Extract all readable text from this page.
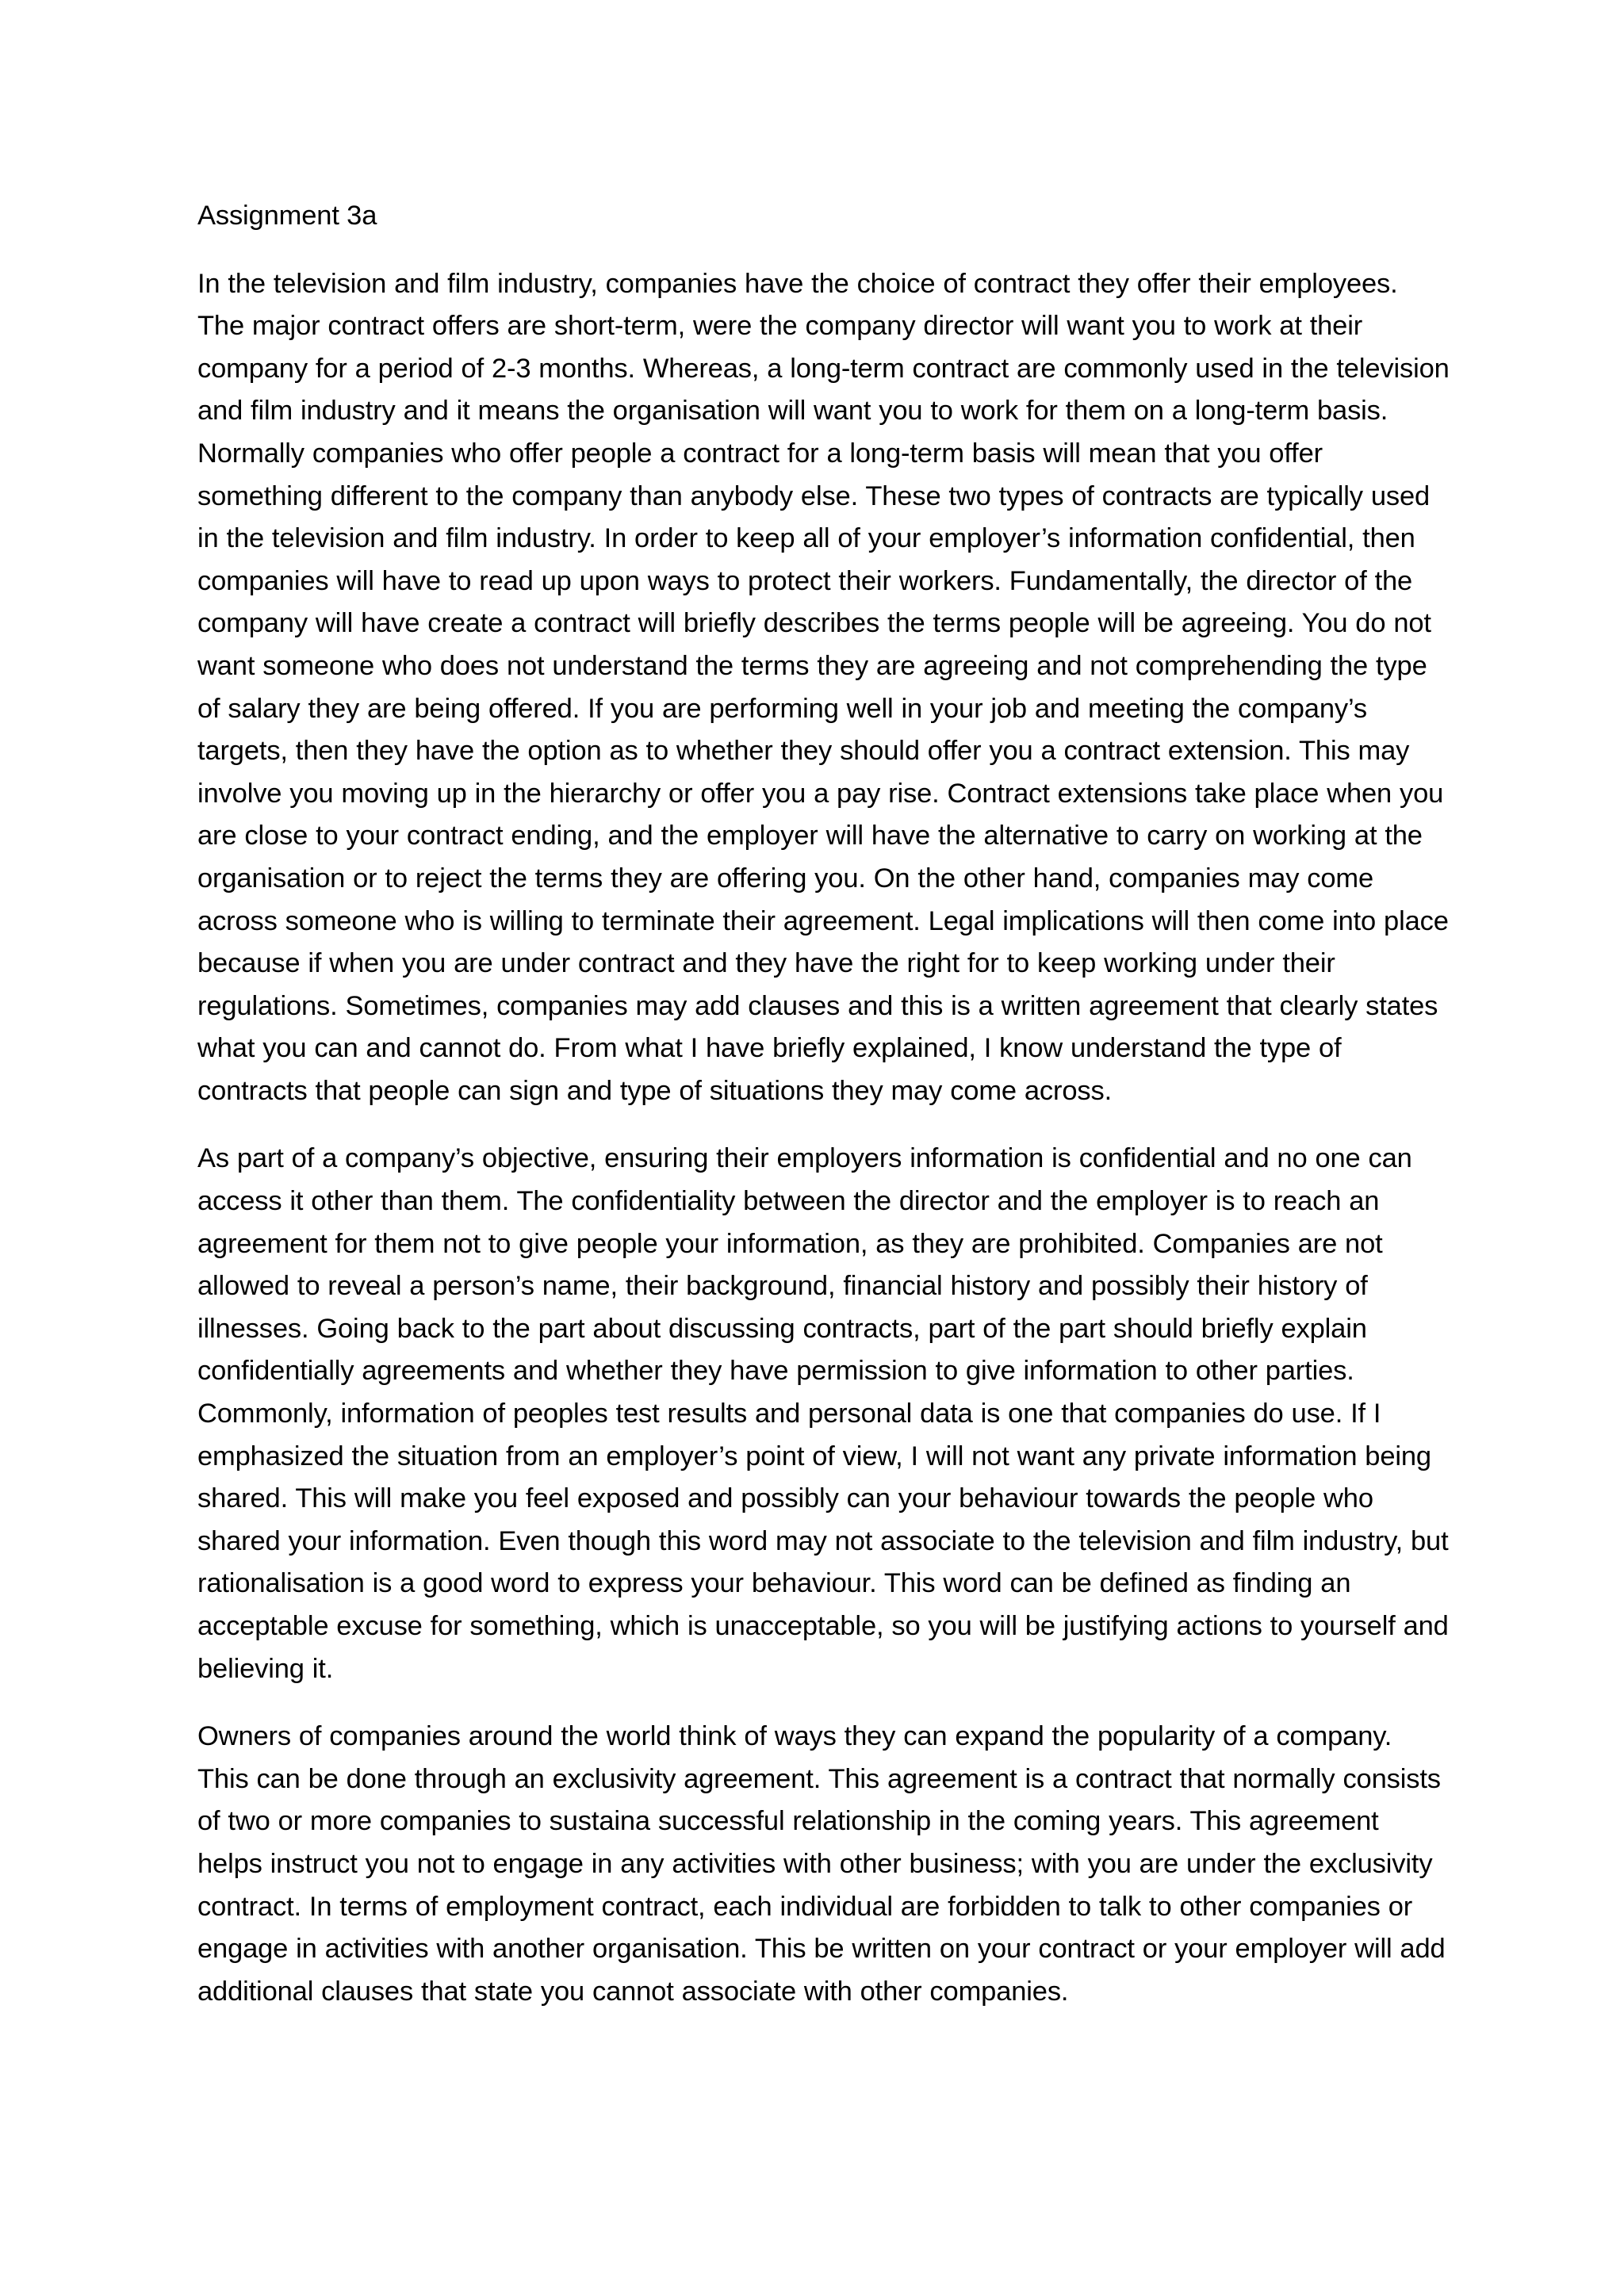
Assignment 3a

In the television and film industry, companies have the choice of contract they offer their employees. The major contract offers are short-term, were the company director will want you to work at their company for a period of 2-3 months. Whereas, a long-term contract are commonly used in the television and film industry and it means the organisation will want you to work for them on a long-term basis. Normally companies who offer people a contract for a long-term basis will mean that you offer something different to the company than anybody else. These two types of contracts are typically used in the television and film industry. In order to keep all of your employer’s information confidential, then companies will have to read up upon ways to protect their workers. Fundamentally, the director of the company will have create a contract will briefly describes the terms people will be agreeing. You do not want someone who does not understand the terms they are agreeing and not comprehending the type of salary they are being offered. If you are performing well in your job and meeting the company’s targets, then they have the option as to whether they should offer you a contract extension. This may involve you moving up in the hierarchy or offer you a pay rise. Contract extensions take place when you are close to your contract ending, and the employer will have the alternative to carry on working at the organisation or to reject the terms they are offering you. On the other hand, companies may come across someone who is willing to terminate their agreement. Legal implications will then come into place because if when you are under contract and they have the right for to keep working under their regulations. Sometimes, companies may add clauses and this is a written agreement that clearly states what you can and cannot do. From what I have briefly explained, I know understand the type of contracts that people can sign and type of situations they may come across.

As part of a company’s objective, ensuring their employers information is confidential and no one can access it other than them. The confidentiality between the director and the employer is to reach an agreement for them not to give people your information, as they are prohibited. Companies are not allowed to reveal a person’s name, their background, financial history and possibly their history of illnesses. Going back to the part about discussing contracts, part of the part should briefly explain confidentially agreements and whether they have permission to give information to other parties. Commonly, information of peoples test results and personal data is one that companies do use. If I emphasized the situation from an employer’s point of view, I will not want any private information being shared. This will make you feel exposed and possibly can your behaviour towards the people who shared your information. Even though this word may not associate to the television and film industry, but rationalisation is a good word to express your behaviour. This word can be defined as finding an acceptable excuse for something, which is unacceptable, so you will be justifying actions to yourself and believing it.

Owners of companies around the world think of ways they can expand the popularity of a company. This can be done through an exclusivity agreement. This agreement is a contract that normally consists of two or more companies to sustaina successful relationship in the coming years. This agreement helps instruct you not to engage in any activities with other business; with you are under the exclusivity contract. In terms of employment contract, each individual are forbidden to talk to other companies or engage in activities with another organisation. This be written on your contract or your employer will add additional clauses that state you cannot associate with other companies.
